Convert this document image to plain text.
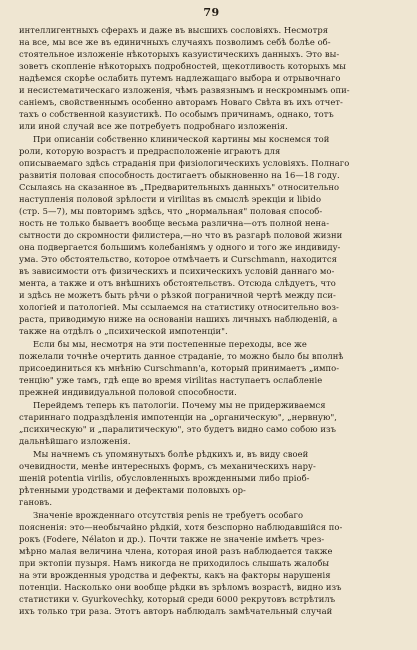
79
интеллигентныхъ сферахъ и даже въ высшихъ сословіяхъ. Несмотря
на все, мы все же въ единичныхъ случаяхъ позволимъ себѣ болѣе об-
стоятельное изложеніе нѣкоторыхъ казуистическихъ данныхъ. Это вы-
зоветъ скопленіе нѣкоторыхъ подробностей, щекотливость которыхъ мы
надѣемся скорѣе ослабить путемъ надлежащаго выбора и отрывочнаго
и несистематическаго изложенія, чѣмъ развязнымъ и нескромнымъ опи-
саніемъ, свойственнымъ особенно авторамъ Новаго Свѣта въ ихъ отчет-
тахъ о собственной казуистикѣ. По особымъ причинамъ, однако, тотъ
или иной случай все же потребуетъ подробнаго изложенія.
При описаніи собственно клинической картины мы коснемся той
роли, которую возрастъ и предрасположеніе играютъ для
описываемаго здѣсь страданія при физіологическихъ условіяхъ. Полнаго
развитія половая способность достигаетъ обыкновенно на 16—18 году.
Ссылаясь на сказанное въ „Предварительныхъ данныхъ" относительно
наступленія половой зрѣлости и virilitas въ смыслѣ эрекціи и libido
(стр. 5—7), мы повторимъ здѣсь, что „нормальная" половая способ-
ность не только бываетъ вообще весьма различна—отъ полной нена-
сытности до скромности филистера,—но что въ разгарѣ половой жизни
она подвергается большимъ колебаніямъ у одного и того же индивиду-
ума. Это обстоятельство, которое отмѣчаетъ и Curschmann, находится
въ зависимости отъ физическихъ и психическихъ условій даннаго мо-
мента, а также и отъ внѣшнихъ обстоятельствъ. Отсюда слѣдуетъ, что
и здѣсь не можетъ быть рѣчи о рѣзкой пограничной чертѣ между пси-
хологіей и патологіей. Мы ссылаемся на статистику относительно воз-
раста, приводимую ниже на основаніи нашихъ личныхъ наблюденій, а
также на отдѣлъ о „психической импотенціи".
Если бы мы, несмотря на эти постепенные переходы, все же
пожелали точнѣе очертить данное страданіе, то можно было бы вполнѣ
присоединиться къ мнѣнію Curschmann'a, который принимаетъ „импо-
тенцію" уже тамъ, гдѣ еще во время virilitas наступаетъ ослабленіе
прежней индивидуальной половой способности.
Перейдемъ теперь къ патологіи. Почему мы не придерживаемся
стариннаго подраздѣленія импотенціи на „органическую", „нервную",
„психическую" и „паралитическую", это будетъ видно само собою изъ
дальнѣйшаго изложенія.
Мы начнемъ съ упомянутыхъ болѣе рѣдкихъ и, въ виду своей
очевидности, менѣе интересныхъ формъ, съ механическихъ нару-
шеній potentia virilis, обусловленныхъ врожденными либо пріоб-
рѣтенными уродствами и дефектами половыхъ ор-
гановъ.
Значеніе врожденнаго отсутствія penis не требуетъ особаго
поясненія: это—необычайно рѣдкій, хотя безспорно наблюдавшійся по-
рокъ (Fodere, Nélaton и др.). Почти также не значеніе имѣетъ чрез-
мѣрно малая величина члена, которая иной разъ наблюдается также
при эктопіи пузыря. Намъ никогда не приходилось слышать жалобы
на эти врожденныя уродства и дефекты, какъ на факторы нарушенія
потенціи. Насколько они вообще рѣдки въ зрѣломъ возрастѣ, видно изъ
статистики v. Gyurkovechky, который среди 6000 рекрутовъ встрѣтилъ
ихъ только три раза. Этотъ авторъ наблюдалъ замѣчательный случай
